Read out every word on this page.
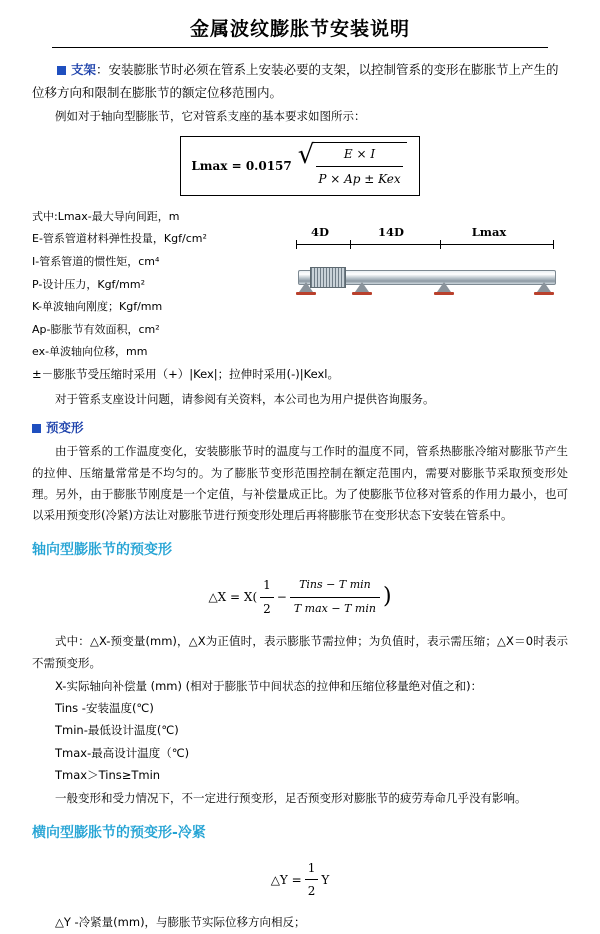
金属波纹膨胀节安装说明
支架：安装膨胀节时必须在管系上安装必要的支架，以控制管系的变形在膨胀节上产生的位移方向和限制在膨胀节的额定位移范围内。

例如对于轴向型膨胀节，它对管系支座的基本要求如图所示：

Lmax = 0.0157 √
$\frac{E \times I}{\text{P × Ap ± Kex}}$
式中:Lmax-最大导向间距，m
E-管系管道材料弹性投量，Kgf/cm²
I-管系管道的惯性矩，cm⁴
P-设计压力，Kgf/mm²
K-单波轴向刚度；Kgf/mm
Ap-膨胀节有效面积，cm²
ex-单波轴向位移，mm
4D	14D	Lmax

±－膨胀节受压缩时采用（+）|Kex|；拉伸时采用(-)|Kexl。

对于管系支座设计问题，请参阅有关资料，本公司也为用户提供咨询服务。

预变形

由于管系的工作温度变化，安装膨胀节时的温度与工作时的温度不同，管系热膨胀冷缩对膨胀节产生的拉伸、压缩量常常是不均匀的。为了膨胀节变形范围控制在额定范围内，需要对膨胀节采取预变形处理。另外，由于膨胀节刚度是一个定值，与补偿量成正比。为了使膨胀节位移对管系的作用力最小，也可以采用预变形(冷紧)方法让对膨胀节进行预变形处理后再将膨胀节在变形状态下安装在管系中。

轴向型膨胀节的预变形
△X = $X( \frac{1}{2}$ −
Tins − T min
T max − T min )

式中：△X-预变量(mm)，△X为正值时，表示膨胀节需拉伸；为负值时，表示需压缩；△X＝0时表示不需预变形。

X-实际轴向补偿量 (mm) (相对于膨胀节中间状态的拉伸和压缩位移量绝对值之和)：

Tins -安装温度(℃)

Tmin-最低设计温度(℃)

Tmax-最高设计温度（℃)

Tmax＞Tins≥Tmin

一般变形和受力情况下，不一定进行预变形，足否预变形对膨胀节的疲劳寿命几乎没有影响。

横向型膨胀节的预变形-冷紧
△Y = $\frac{1}{2}$ Y

△Y -冷紧量(mm)，与膨胀节实际位移方向相反；
